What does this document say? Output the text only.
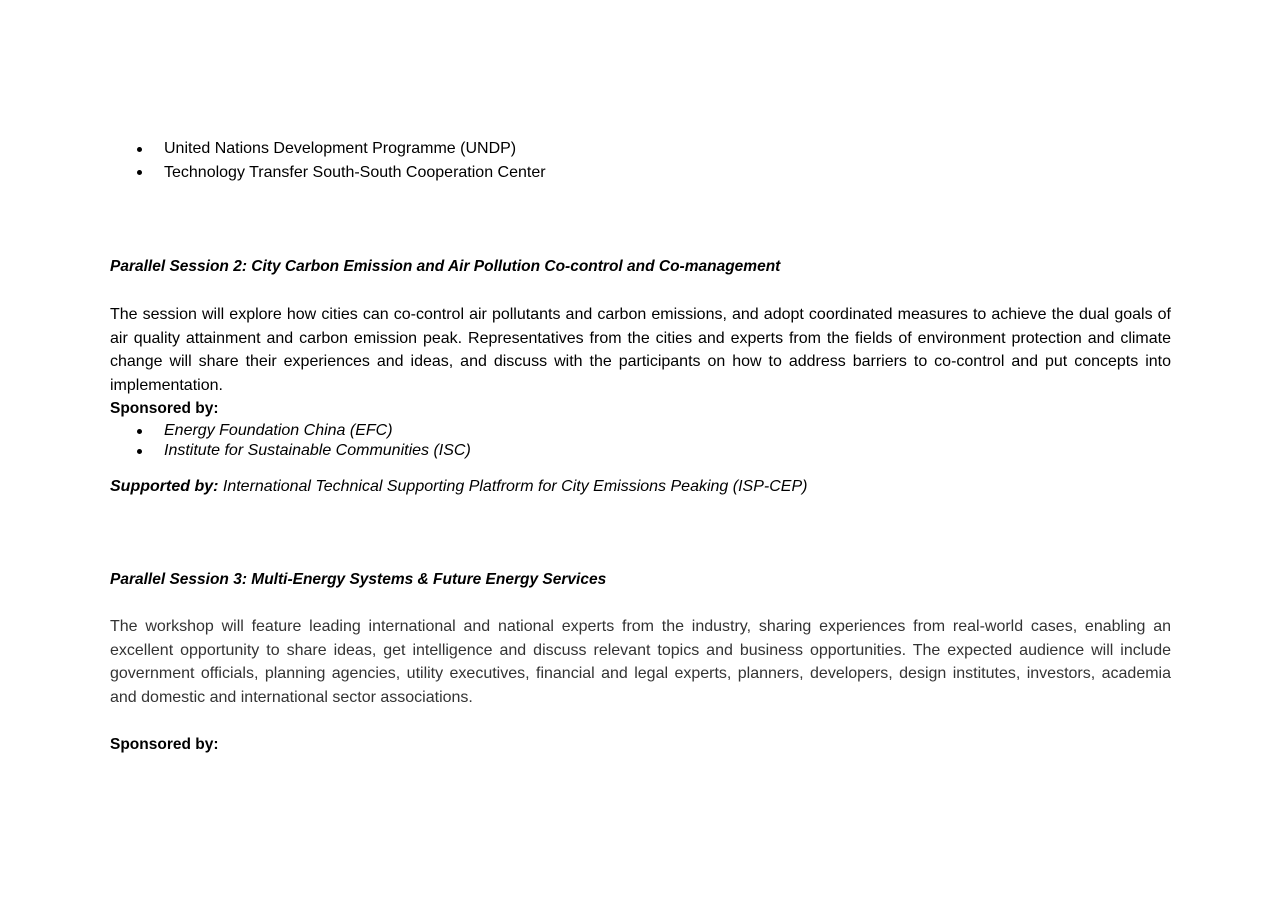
United Nations Development Programme (UNDP)
Technology Transfer South-South Cooperation Center
Parallel Session 2: City Carbon Emission and Air Pollution Co-control and Co-management

The session will explore how cities can co-control air pollutants and carbon emissions, and adopt coordinated measures to achieve the dual goals of air quality attainment and carbon emission peak. Representatives from the cities and experts from the fields of environment protection and climate change will share their experiences and ideas, and discuss with the participants on how to address barriers to co-control and put concepts into implementation.

Sponsored by:
Energy Foundation China (EFC)
Institute for Sustainable Communities (ISC)
Supported by: International Technical Supporting Platfrorm for City Emissions Peaking (ISP-CEP)
Parallel Session 3: Multi-Energy Systems & Future Energy Services

The workshop will feature leading international and national experts from the industry, sharing experiences from real-world cases, enabling an excellent opportunity to share ideas, get intelligence and discuss relevant topics and business opportunities. The expected audience will include government officials, planning agencies, utility executives, financial and legal experts, planners, developers, design institutes, investors, academia and domestic and international sector associations.

Sponsored by:
